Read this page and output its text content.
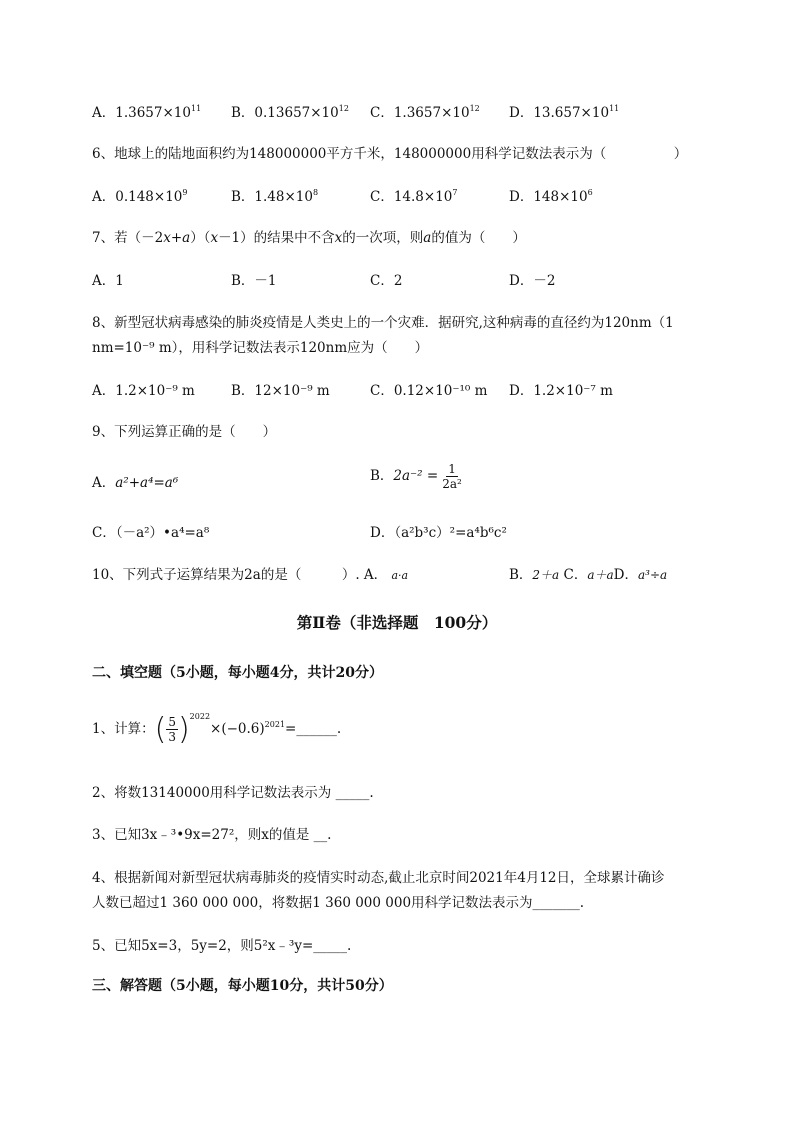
A．$1.3657\times 10^{11}$ B．$0.13657\times 10^{12}$ C．$1.3657\times 10^{12}$ D．$13.657\times 10^{11}$
6、地球上的陆地面积约为148000000平方千米，148000000用科学记数法表示为（　　　　　）
A．$0.148\times 10^9$	B．$1.48\times 10^8$	C．$14.8\times 10^7$	D．$148\times 10^6$
7、若（－2x+a）（x－1）的结果中不含x的一次项，则a的值为（　　）
A．1	B．－1	C．2	D．－2
8、新型冠状病毒感染的肺炎疫情是人类史上的一个灾难．据研究,这种病毒的直径约为120nm（1
nm=10⁻⁹ m），用科学记数法表示120nm应为（　　）
A．1.2×10⁻⁹ m	B．12×10⁻⁹ m	C．0.12×10⁻¹⁰ m D．1.2×10⁻⁷ m
9、下列运算正确的是（　　）
A．a²+a⁴=a⁶	B．$2a^{-2} = \frac{1}{\text{2a²}}$
C．（－a²）•a⁴=a⁸	D．（a²b³c）²=a⁴b⁶c²
10、下列式子运算结果为2a的是（　　　）. A． a·a	B．2＋a C．a＋aD．a³÷a
第Ⅱ卷（非选择题　100分）
二、填空题（5小题，每小题4分，共计20分）
1、计算：( $\frac{5}{3}$ )$^{2022}\times(-0.6)^{2021}=\_\_\_\_\_\_$.
2、将数13140000用科学记数法表示为 _____.
3、已知3x﹣³•9x=27²，则x的值是 __.
4、根据新闻对新型冠状病毒肺炎的疫情实时动态,截止北京时间2021年4月12日，全球累计确诊
人数已超过1 360 000 000，将数据1 360 000 000用科学记数法表示为_______.
5、已知5x=3，5y=2，则5²x﹣³y=_____.
三、解答题（5小题，每小题10分，共计50分）
